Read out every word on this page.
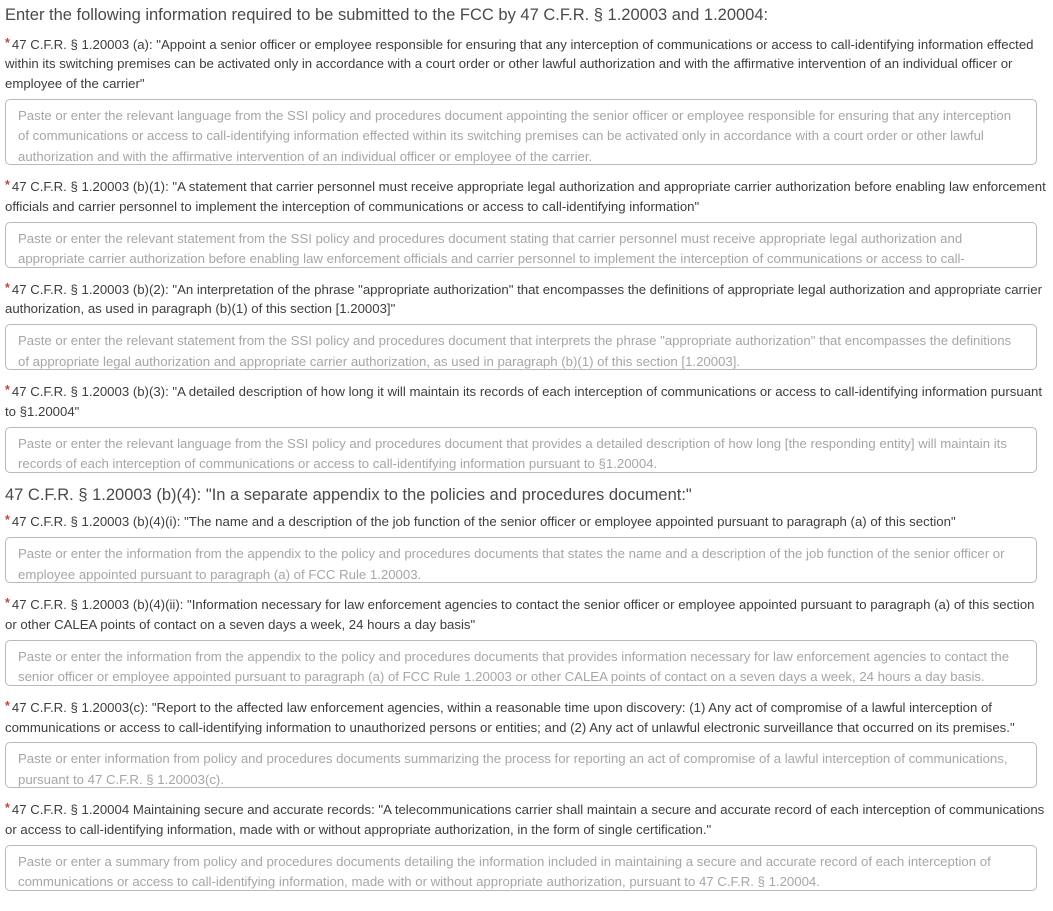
Enter the following information required to be submitted to the FCC by 47 C.F.R. § 1.20003 and 1.20004:

* 47 C.F.R. § 1.20003 (a): "Appoint a senior officer or employee responsible for ensuring that any interception of communications or access to call-identifying information effected within its switching premises can be activated only in accordance with a court order or other lawful authorization and with the affirmative intervention of an individual officer or employee of the carrier"

Paste or enter the relevant language from the SSI policy and procedures document appointing the senior officer or employee responsible for ensuring that any interception of communications or access to call-identifying information effected within its switching premises can be activated only in accordance with a court order or other lawful authorization and with the affirmative intervention of an individual officer or employee of the carrier.

* 47 C.F.R. § 1.20003 (b)(1): "A statement that carrier personnel must receive appropriate legal authorization and appropriate carrier authorization before enabling law enforcement officials and carrier personnel to implement the interception of communications or access to call-identifying information"

Paste or enter the relevant statement from the SSI policy and procedures document stating that carrier personnel must receive appropriate legal authorization and appropriate carrier authorization before enabling law enforcement officials and carrier personnel to implement the interception of communications or access to call-identifying information.

* 47 C.F.R. § 1.20003 (b)(2): "An interpretation of the phrase "appropriate authorization" that encompasses the definitions of appropriate legal authorization and appropriate carrier authorization, as used in paragraph (b)(1) of this section [1.20003]"

Paste or enter the relevant statement from the SSI policy and procedures document that interprets the phrase "appropriate authorization" that encompasses the definitions of appropriate legal authorization and appropriate carrier authorization, as used in paragraph (b)(1) of this section [1.20003].

* 47 C.F.R. § 1.20003 (b)(3): "A detailed description of how long it will maintain its records of each interception of communications or access to call-identifying information pursuant to §1.20004"

Paste or enter the relevant language from the SSI policy and procedures document that provides a detailed description of how long [the responding entity] will maintain its records of each interception of communications or access to call-identifying information pursuant to §1.20004.
47 C.F.R. § 1.20003 (b)(4): "In a separate appendix to the policies and procedures document:"

* 47 C.F.R. § 1.20003 (b)(4)(i): "The name and a description of the job function of the senior officer or employee appointed pursuant to paragraph (a) of this section"

Paste or enter the information from the appendix to the policy and procedures documents that states the name and a description of the job function of the senior officer or employee appointed pursuant to paragraph (a) of FCC Rule 1.20003.

* 47 C.F.R. § 1.20003 (b)(4)(ii): "Information necessary for law enforcement agencies to contact the senior officer or employee appointed pursuant to paragraph (a) of this section or other CALEA points of contact on a seven days a week, 24 hours a day basis"

Paste or enter the information from the appendix to the policy and procedures documents that provides information necessary for law enforcement agencies to contact the senior officer or employee appointed pursuant to paragraph (a) of FCC Rule 1.20003 or other CALEA points of contact on a seven days a week, 24 hours a day basis.

* 47 C.F.R. § 1.20003(c): "Report to the affected law enforcement agencies, within a reasonable time upon discovery: (1) Any act of compromise of a lawful interception of communications or access to call-identifying information to unauthorized persons or entities; and (2) Any act of unlawful electronic surveillance that occurred on its premises."

Paste or enter information from policy and procedures documents summarizing the process for reporting an act of compromise of a lawful interception of communications, pursuant to 47 C.F.R. § 1.20003(c).

* 47 C.F.R. § 1.20004 Maintaining secure and accurate records: "A telecommunications carrier shall maintain a secure and accurate record of each interception of communications or access to call-identifying information, made with or without appropriate authorization, in the form of single certification."

Paste or enter a summary from policy and procedures documents detailing the information included in maintaining a secure and accurate record of each interception of communications or access to call-identifying information, made with or without appropriate authorization, pursuant to 47 C.F.R. § 1.20004.
